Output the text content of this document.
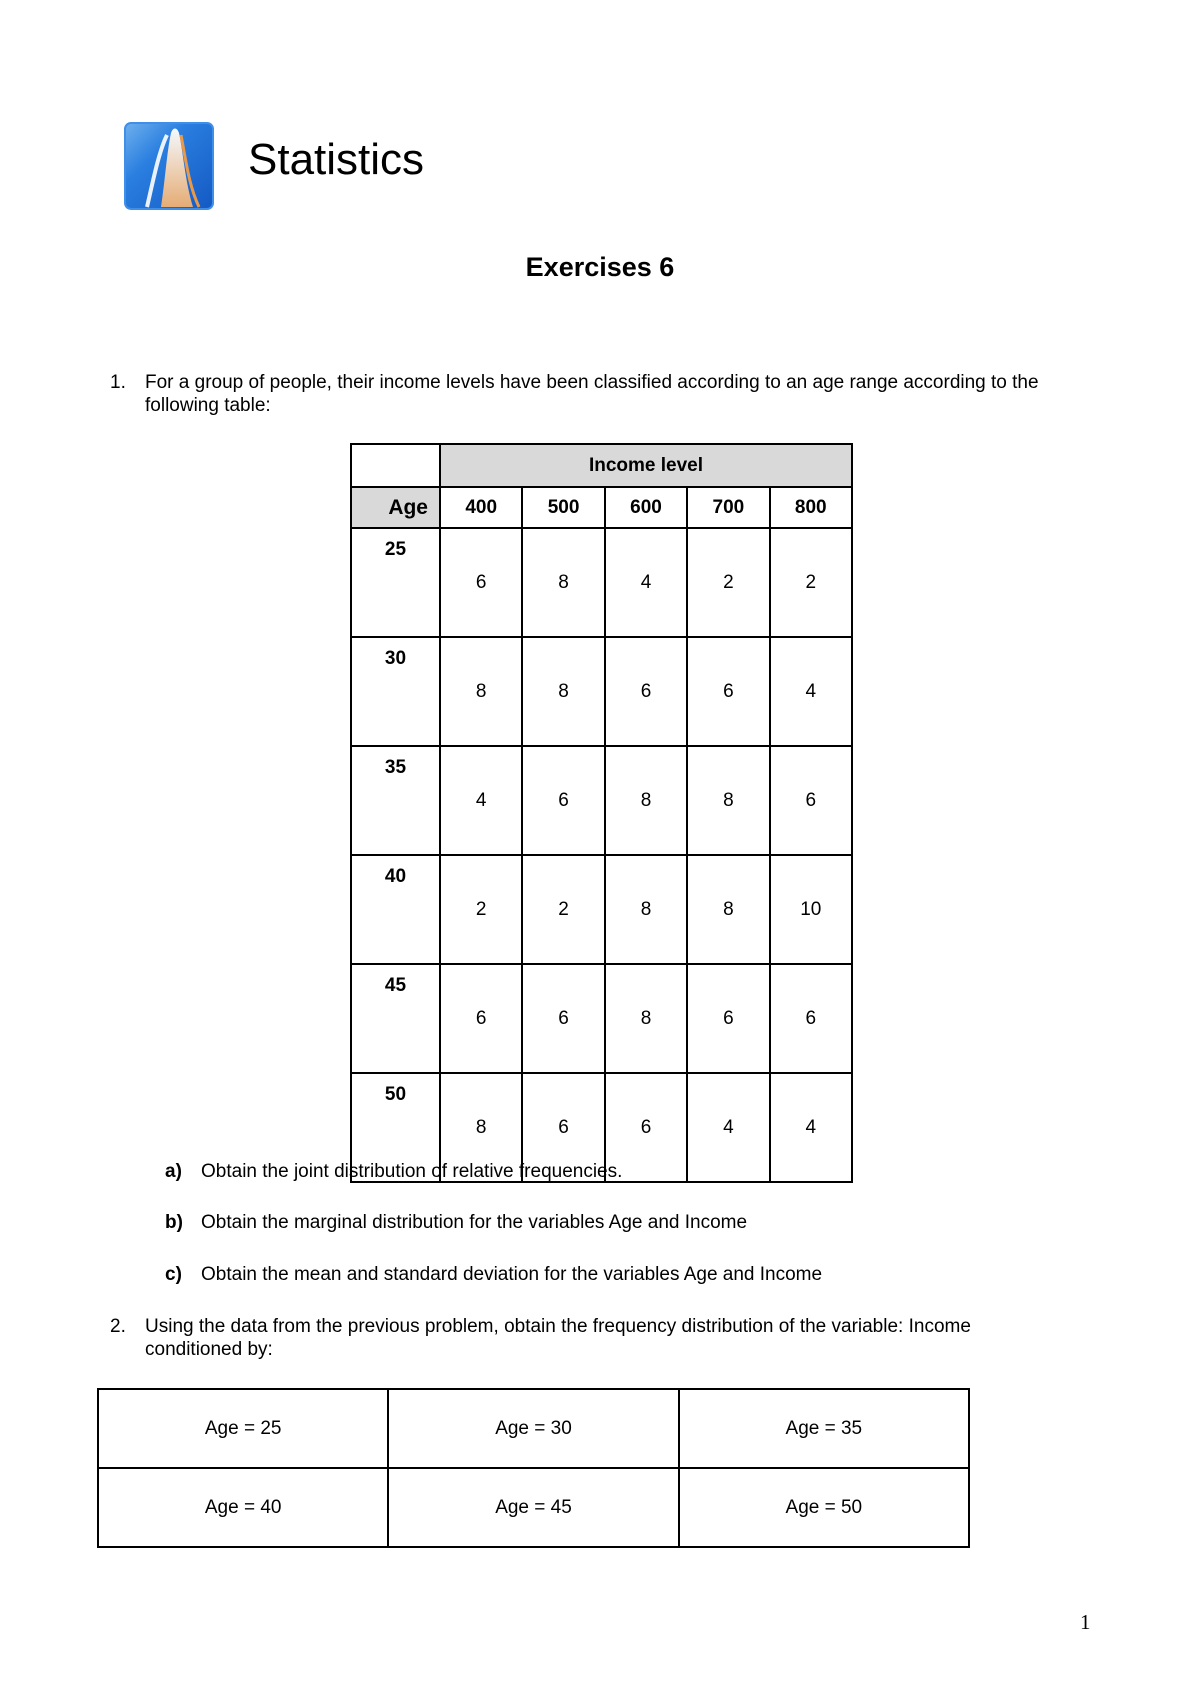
Statistics
Exercises 6
1. For a group of people, their income levels have been classified according to an age range according to the following table:
	Income level				
Age	400	500	600	700	800
25	6	8	4	2	2
30	8	8	6	6	4
35	4	6	8	8	6
40	2	2	8	8	10
45	6	6	8	6	6
50	8	6	6	4	4
a) Obtain the joint distribution of relative frequencies.
b) Obtain the marginal distribution for the variables Age and Income
c) Obtain the mean and standard deviation for the variables Age and Income
2. Using the data from the previous problem, obtain the frequency distribution of the variable: Income conditioned by:
Age = 25	Age = 30	Age = 35
Age = 40	Age = 45	Age = 50
1
